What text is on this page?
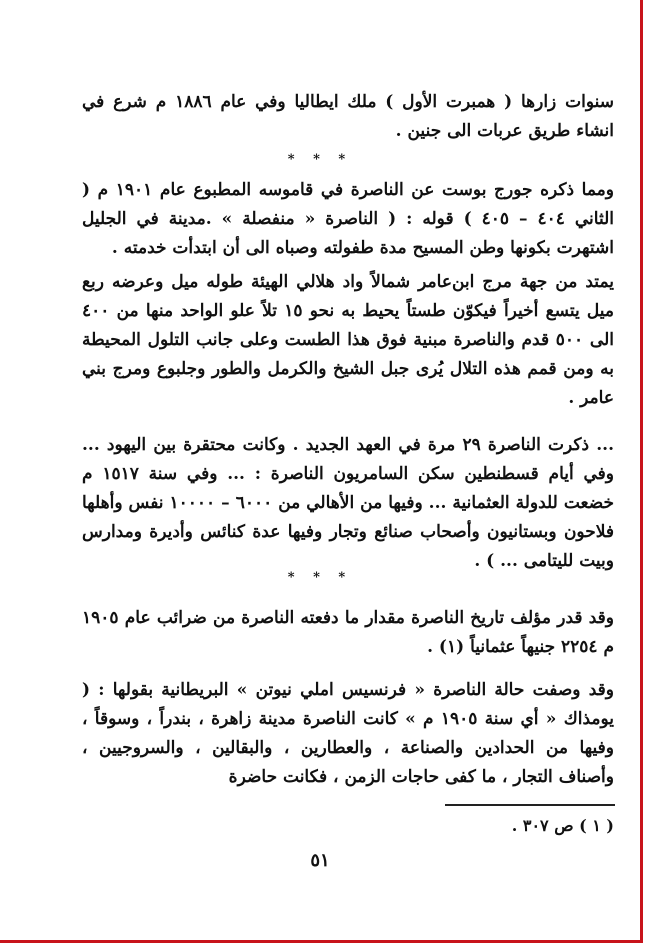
سنوات زارها ( همبرت الأول ) ملك ايطاليا وفي عام ١٨٨٦ م شرع في انشاء طريق عربات الى جنين .
* * *
ومما ذكره جورج بوست عن الناصرة في قاموسه المطبوع عام ١٩٠١ م ( الثاني ٤٠٤ – ٤٠٥ ) قوله : ( الناصرة « منفصلة » .مدينة في الجليل اشتهرت بكونها وطن المسيح مدة طفولته وصباه الى أن ابتدأت خدمته .
يمتد من جهة مرج ابن‌عامر شمالاً واد هلالي الهيئة طوله ميل وعرضه ربع ميل يتسع أخيراً فيكوّن طستاً يحيط به نحو ١٥ تلاً علو الواحد منها من ٤٠٠ الى ٥٠٠ قدم والناصرة مبنية فوق هذا الطست وعلى جانب التلول المحيطة به ومن قمم هذه التلال يُرى جبل الشيخ والكرمل والطور وجلبوع ومرج بني عامر .
... ذكرت الناصرة ٢٩ مرة في العهد الجديد . وكانت محتقرة بين اليهود ... وفي أيام قسطنطين سكن السامريون الناصرة : ... وفي سنة ١٥١٧ م خضعت للدولة العثمانية ... وفيها من الأهالي من ٦٠٠٠ – ١٠٠٠٠ نفس وأهلها فلاحون وبستانيون وأصحاب صنائع وتجار وفيها عدة كنائس وأديرة ومدارس وبيت لليتامى ... ) .
* * *
وقد قدر مؤلف تاريخ الناصرة مقدار ما دفعته الناصرة من ضرائب عام ١٩٠٥ م ٢٢٥٤ جنيهاً عثمانياً (١) .
وقد وصفت حالة الناصرة « فرنسيس املي نيوتن » البريطانية بقولها : ( يومذاك « أي سنة ١٩٠٥ م » كانت الناصرة مدينة زاهرة ، بندراً ، وسوقاً ، وفيها من الحدادين والصناعة ، والعطارين ، والبقالين ، والسروجيين ، وأصناف التجار ، ما كفى حاجات الزمن ، فكانت حاضرة
( ١ ) ص ٣٠٧ .
٥١
